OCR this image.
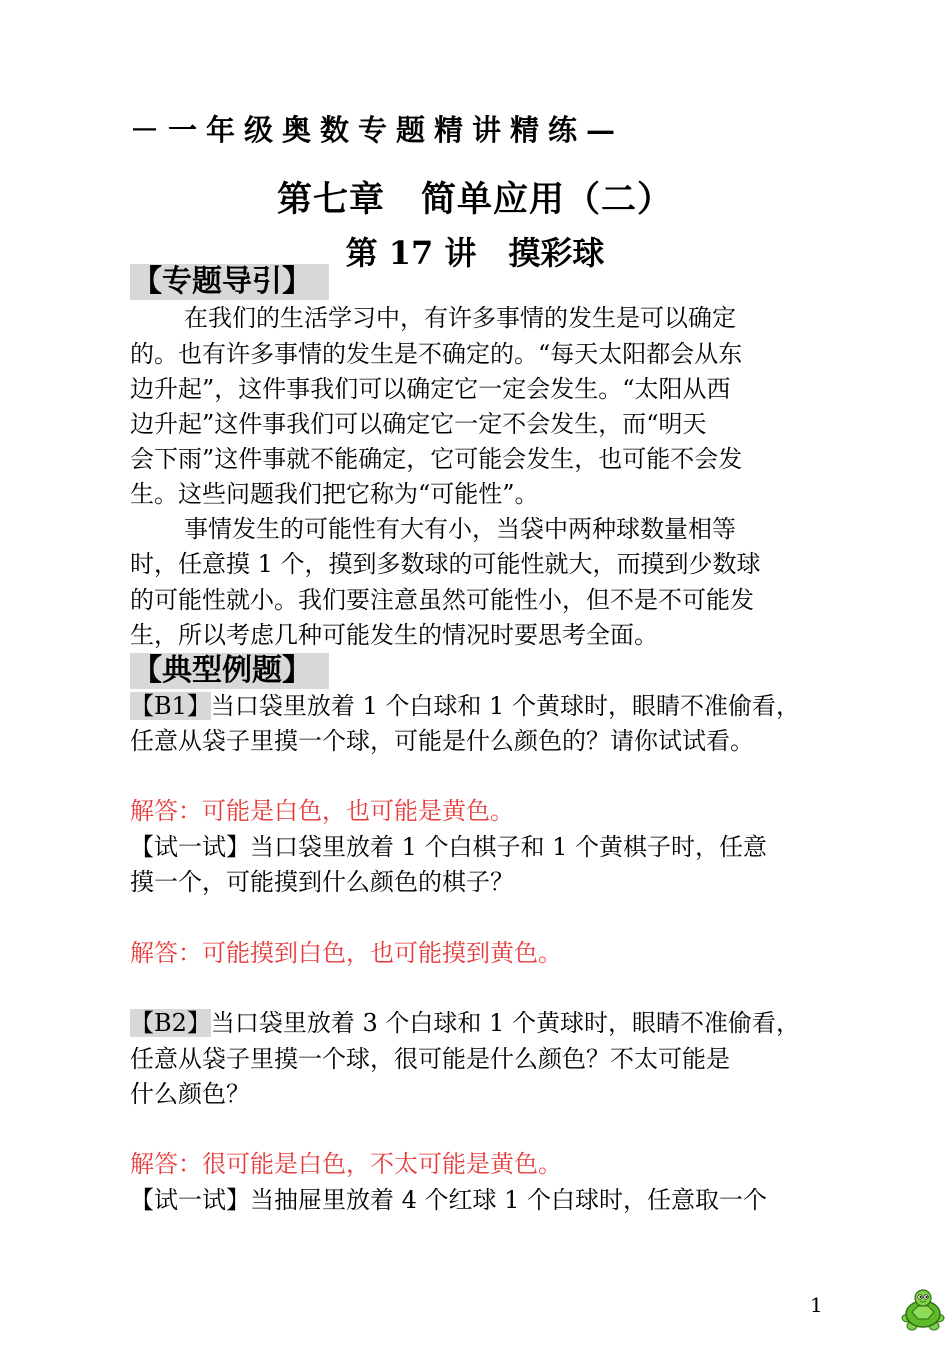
－一年级奥数专题精讲精练—
第七章　简单应用（二）
第 17 讲　摸彩球
【专题导引】
在我们的生活学习中，有许多事情的发生是可以确定
的。也有许多事情的发生是不确定的。“每天太阳都会从东
边升起”，这件事我们可以确定它一定会发生。“太阳从西
边升起”这件事我们可以确定它一定不会发生，而“明天
会下雨”这件事就不能确定，它可能会发生，也可能不会发
生。这些问题我们把它称为“可能性”。
事情发生的可能性有大有小，当袋中两种球数量相等
时，任意摸 1 个，摸到多数球的可能性就大，而摸到少数球
的可能性就小。我们要注意虽然可能性小，但不是不可能发
生，所以考虑几种可能发生的情况时要思考全面。
【典型例题】
【B1】当口袋里放着 1 个白球和 1 个黄球时，眼睛不准偷看，
任意从袋子里摸一个球，可能是什么颜色的？请你试试看。
解答：可能是白色，也可能是黄色。
【试一试】当口袋里放着 1 个白棋子和 1 个黄棋子时，任意
摸一个，可能摸到什么颜色的棋子？
解答：可能摸到白色，也可能摸到黄色。
【B2】当口袋里放着 3 个白球和 1 个黄球时，眼睛不准偷看，
任意从袋子里摸一个球，很可能是什么颜色？不太可能是
什么颜色？
解答：很可能是白色，不太可能是黄色。
【试一试】当抽屉里放着 4 个红球 1 个白球时，任意取一个
1
